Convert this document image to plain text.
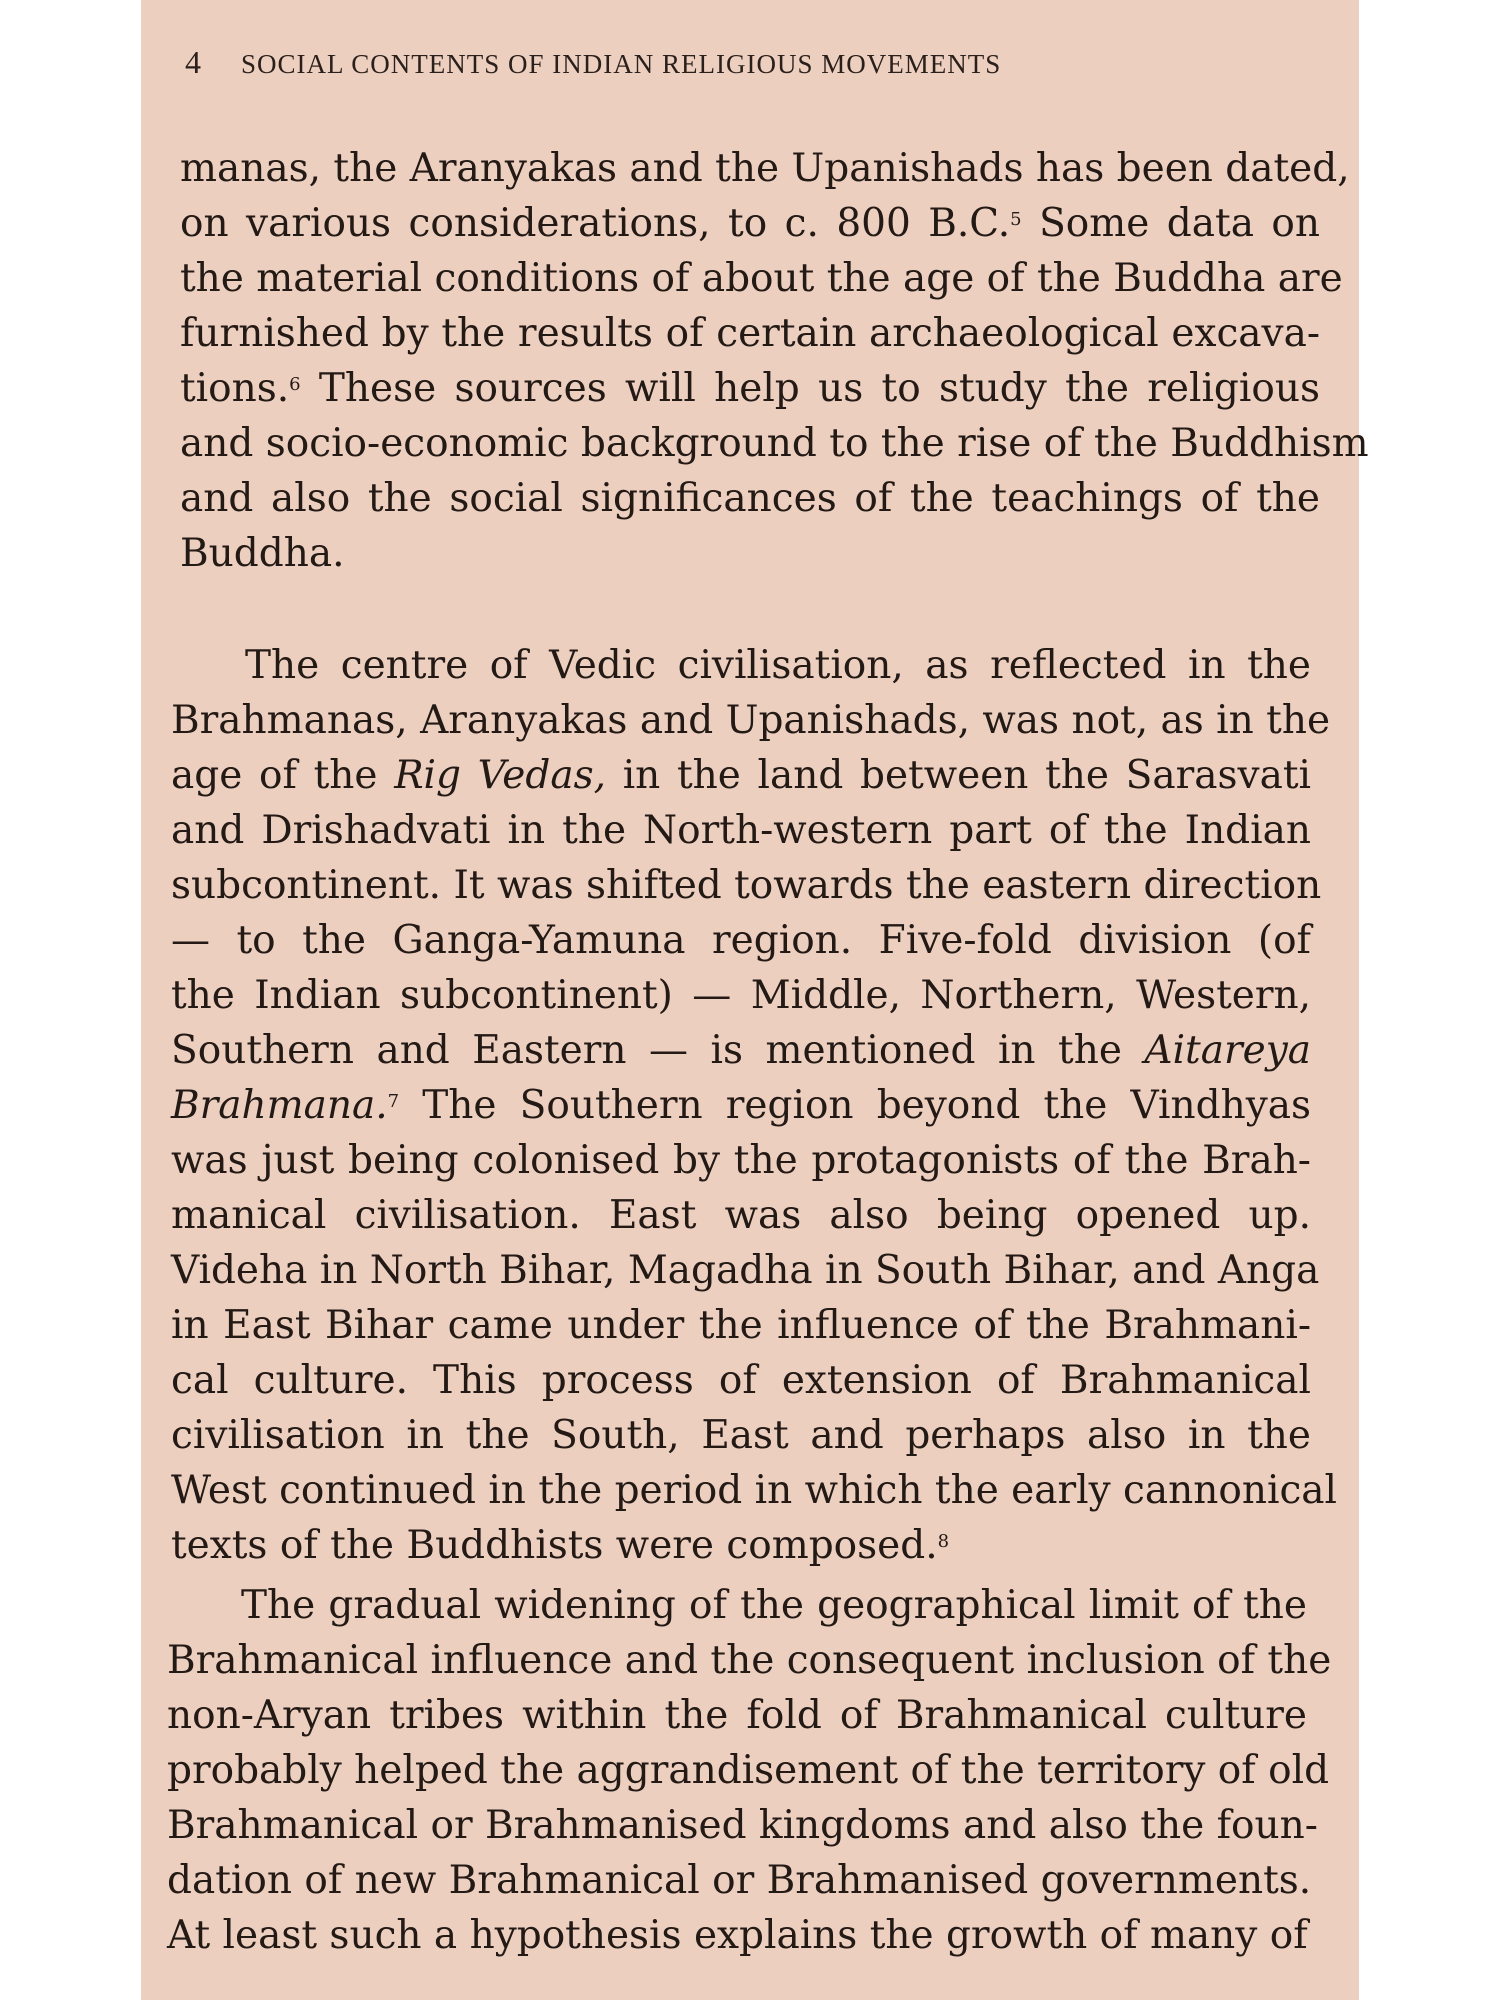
4 SOCIAL CONTENTS OF INDIAN RELIGIOUS MOVEMENTS
manas, the Aranyakas and the Upanishads has been dated,
on various considerations, to c. 800 B.C.$^5$ Some data on
the material conditions of about the age of the Buddha are
furnished by the results of certain archaeological excava-
tions.$^6$ These sources will help us to study the religious
and socio-economic background to the rise of the Buddhism
and also the social significances of the teachings of the
Buddha.
The centre of Vedic civilisation, as reflected in the
Brahmanas, Aranyakas and Upanishads, was not, as in the
age of the Rig Vedas, in the land between the Sarasvati
and Drishadvati in the North-western part of the Indian
subcontinent. It was shifted towards the eastern direction
— to the Ganga-Yamuna region. Five-fold division (of
the Indian subcontinent) — Middle, Northern, Western,
Southern and Eastern — is mentioned in the Aitareya
Brahmana.$^7$ The Southern region beyond the Vindhyas
was just being colonised by the protagonists of the Brah-
manical civilisation. East was also being opened up.
Videha in North Bihar, Magadha in South Bihar, and Anga
in East Bihar came under the influence of the Brahmani-
cal culture. This process of extension of Brahmanical
civilisation in the South, East and perhaps also in the
West continued in the period in which the early cannonical
texts of the Buddhists were composed.$^8$
The gradual widening of the geographical limit of the
Brahmanical influence and the consequent inclusion of the
non-Aryan tribes within the fold of Brahmanical culture
probably helped the aggrandisement of the territory of old
Brahmanical or Brahmanised kingdoms and also the foun-
dation of new Brahmanical or Brahmanised governments.
At least such a hypothesis explains the growth of many of
